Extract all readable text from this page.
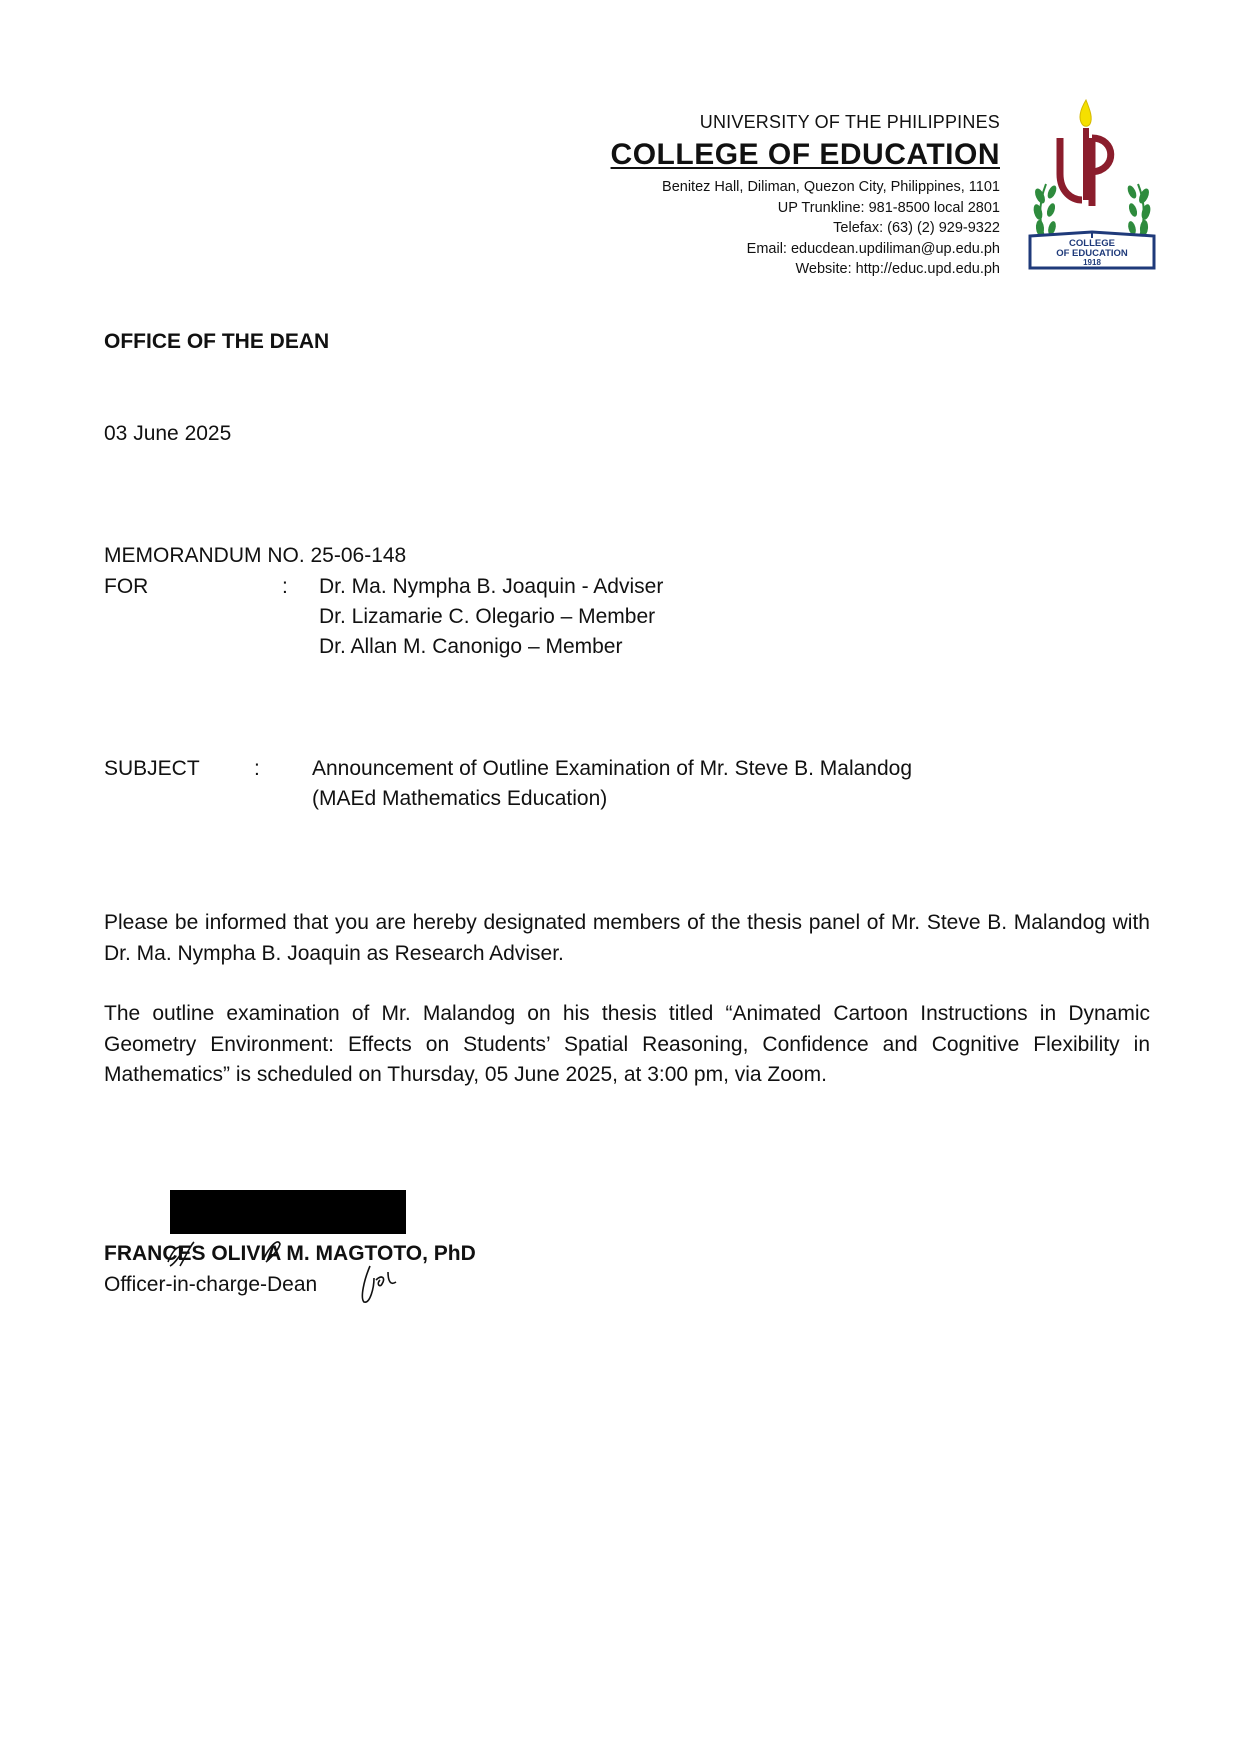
UNIVERSITY OF THE PHILIPPINES
COLLEGE OF EDUCATION
Benitez Hall, Diliman, Quezon City, Philippines, 1101
UP Trunkline: 981-8500 local 2801
Telefax: (63) (2) 929-9322
Email: educdean.updiliman@up.edu.ph
Website: http://educ.upd.edu.ph
COLLEGE
OF EDUCATION
1918
OFFICE OF THE DEAN
03 June 2025
MEMORANDUM NO. 25-06-148
FOR	: Dr. Ma. Nympha B. Joaquin - Adviser
Dr. Lizamarie C. Olegario – Member
Dr. Allan M. Canonigo – Member
SUBJECT	: Announcement of Outline Examination of Mr. Steve B. Malandog
(MAEd Mathematics Education)
Please be informed that you are hereby designated members of the thesis panel of Mr. Steve B. Malandog with Dr. Ma. Nympha B. Joaquin as Research Adviser.
The outline examination of Mr. Malandog on his thesis titled “Animated Cartoon Instructions in Dynamic Geometry Environment: Effects on Students’ Spatial Reasoning, Confidence and Cognitive Flexibility in Mathematics” is scheduled on Thursday, 05 June 2025, at 3:00 pm, via Zoom.
FRANCES OLIVIA M. MAGTOTO, PhD
Officer-in-charge-Dean
